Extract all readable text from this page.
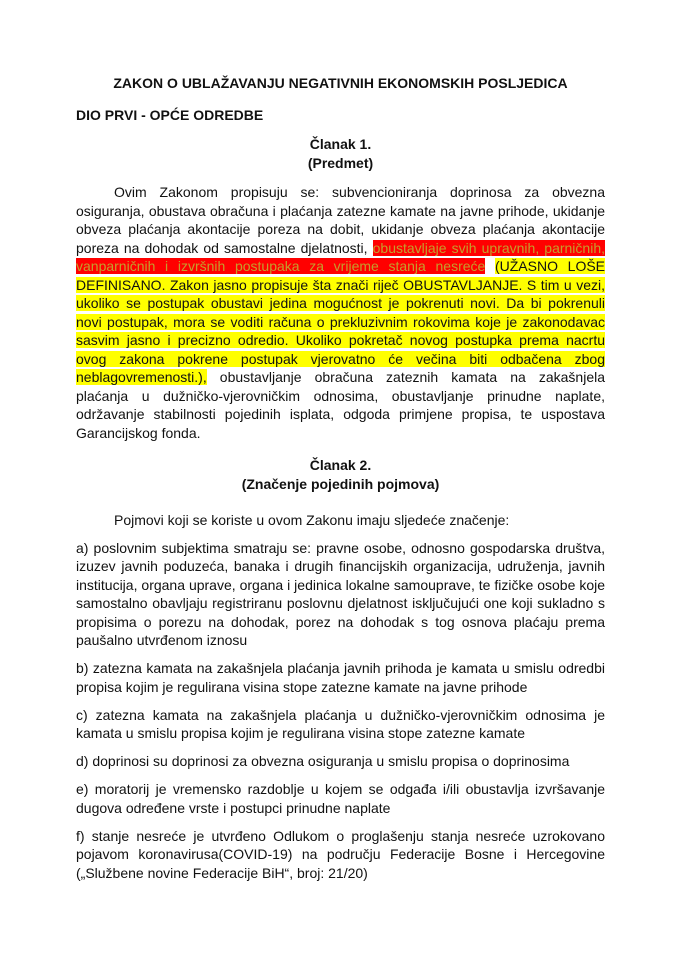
ZAKON O UBLAŽAVANJU NEGATIVNIH EKONOMSKIH POSLJEDICA
DIO PRVI - OPĆE ODREDBE
Članak 1.
(Predmet)

Ovim Zakonom propisuju se: subvencioniranja doprinosa za obvezna osiguranja, obustava obračuna i plaćanja zatezne kamate na javne prihode, ukidanje obveza plaćanja akontacije poreza na dobit, ukidanje obveza plaćanja akontacije poreza na dohodak od samostalne djelatnosti, obustavljaje svih upravnih, parničnih, vanparničnih i izvršnih postupaka za vrijeme stanja nesreće (UŽASNO LOŠE DEFINISANO. Zakon jasno propisuje šta znači riječ OBUSTAVLJANJE. S tim u vezi, ukoliko se postupak obustavi jedina mogućnost je pokrenuti novi. Da bi pokrenuli novi postupak, mora se voditi računa o prekluzivnim rokovima koje je zakonodavac sasvim jasno i precizno odredio. Ukoliko pokretač novog postupka prema nacrtu ovog zakona pokrene postupak vjerovatno će večina biti odbačena zbog neblagovremenosti.), obustavljanje obračuna zateznih kamata na zakašnjela plaćanja u dužničko-vjerovničkim odnosima, obustavljanje prinudne naplate, održavanje stabilnosti pojedinih isplata, odgoda primjene propisa, te uspostava Garancijskog fonda.

Članak 2.
(Značenje pojedinih pojmova)

Pojmovi koji se koriste u ovom Zakonu imaju sljedeće značenje:

a) poslovnim subjektima smatraju se: pravne osobe, odnosno gospodarska društva, izuzev javnih poduzeća, banaka i drugih financijskih organizacija, udruženja, javnih institucija, organa uprave, organa i jedinica lokalne samouprave, te fizičke osobe koje samostalno obavljaju registriranu poslovnu djelatnost isključujući one koji sukladno s propisima o porezu na dohodak, porez na dohodak s tog osnova plaćaju prema paušalno utvrđenom iznosu

b) zatezna kamata na zakašnjela plaćanja javnih prihoda je kamata u smislu odredbi propisa kojim je regulirana visina stope zatezne kamate na javne prihode

c) zatezna kamata na zakašnjela plaćanja u dužničko-vjerovničkim odnosima je kamata u smislu propisa kojim je regulirana visina stope zatezne kamate

d) doprinosi su doprinosi za obvezna osiguranja u smislu propisa o doprinosima

e) moratorij je vremensko razdoblje u kojem se odgađa i/ili obustavlja izvršavanje dugova određene vrste i postupci prinudne naplate

f) stanje nesreće je utvrđeno Odlukom o proglašenju stanja nesreće uzrokovano pojavom koronavirusa(COVID-19) na području Federacije Bosne i Hercegovine („Službene novine Federacije BiH“, broj: 21/20)
